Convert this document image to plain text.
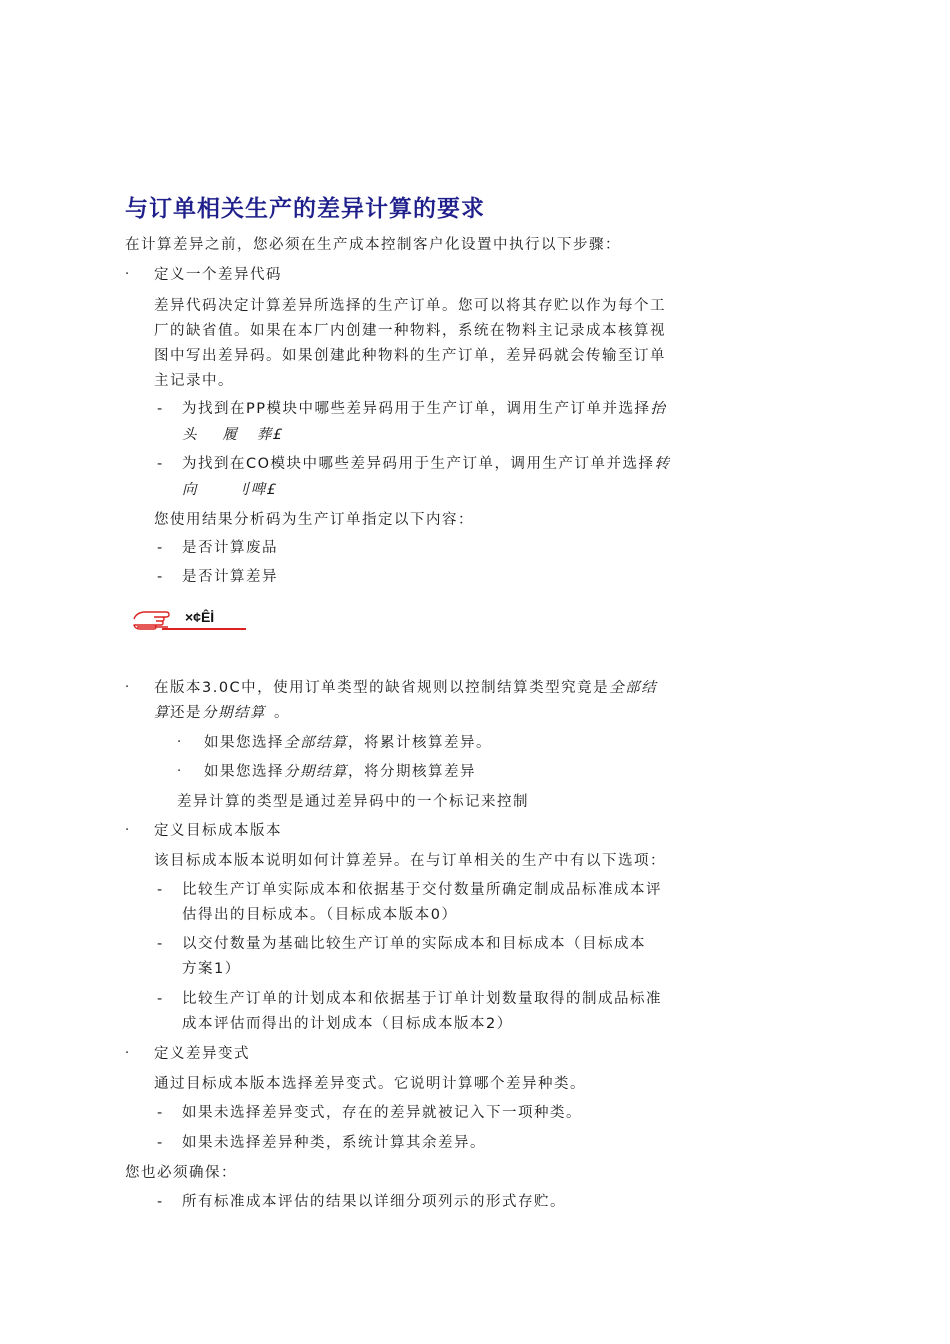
与订单相关生产的差异计算的要求
在计算差异之前，您必须在生产成本控制客户化设置中执行以下步骤：
· 定义一个差异代码
差异代码决定计算差异所选择的生产订单。您可以将其存贮以作为每个工
厂的缺省值。如果在本厂内创建一种物料，系统在物料主记录成本核算视
图中写出差异码。如果创建此种物料的生产订单，差异码就会传输至订单
主记录中。
- 为找到在PP模块中哪些差异码用于生产订单，调用生产订单并选择抬
头    履   葬£
- 为找到在CO模块中哪些差异码用于生产订单，调用生产订单并选择转
向      刂啤£
您使用结果分析码为生产订单指定以下内容：
- 是否计算废品
- 是否计算差异
×¢Êİ
· 在版本3.0C中，使用订单类型的缺省规则以控制结算类型究竟是全部结
算还是分期结算 。
· 如果您选择全部结算，将累计核算差异。
· 如果您选择分期结算，将分期核算差异
差异计算的类型是通过差异码中的一个标记来控制
· 定义目标成本版本
该目标成本版本说明如何计算差异。在与订单相关的生产中有以下选项：
- 比较生产订单实际成本和依据基于交付数量所确定制成品标准成本评
估得出的目标成本。（目标成本版本0）
- 以交付数量为基础比较生产订单的实际成本和目标成本（目标成本
方案1）
- 比较生产订单的计划成本和依据基于订单计划数量取得的制成品标准
成本评估而得出的计划成本（目标成本版本2）
· 定义差异变式
通过目标成本版本选择差异变式。它说明计算哪个差异种类。
- 如果未选择差异变式，存在的差异就被记入下一项种类。
- 如果未选择差异种类，系统计算其余差异。
您也必须确保：
- 所有标准成本评估的结果以详细分项列示的形式存贮。
